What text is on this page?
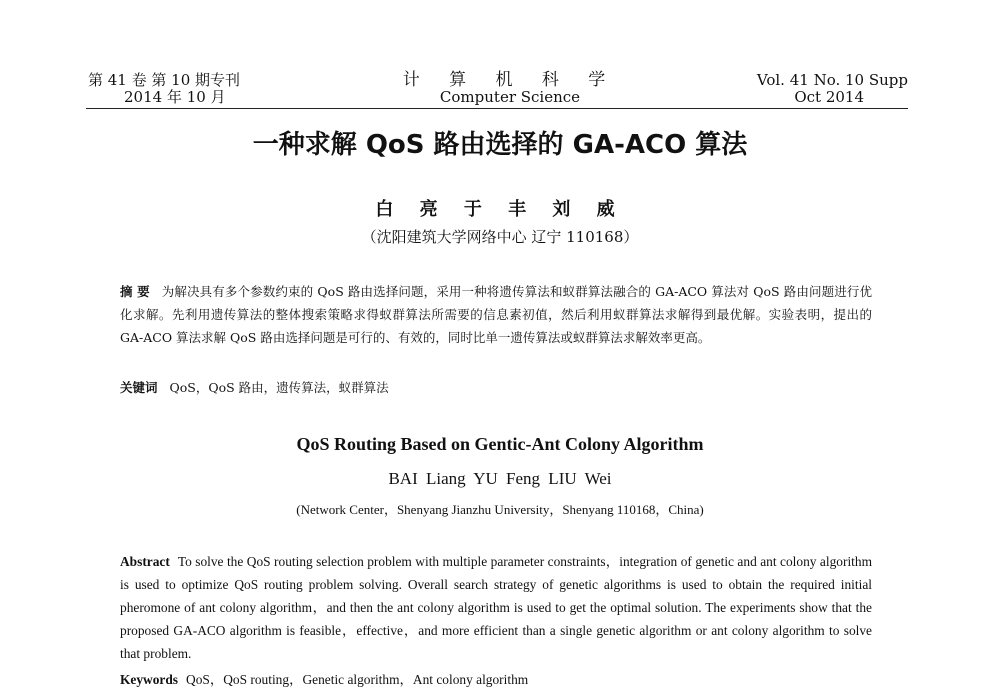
第 41 卷 第 10 期专刊
2014 年 10 月
计 算 机 科 学
Computer Science
Vol. 41 No. 10 Supp
Oct 2014
一种求解 QoS 路由选择的 GA-ACO 算法
白 亮 于 丰 刘 威
（沈阳建筑大学网络中心 辽宁 110168）
摘 要 为解决具有多个参数约束的 QoS 路由选择问题，采用一种将遗传算法和蚁群算法融合的 GA-ACO 算法对 QoS 路由问题进行优化求解。先利用遗传算法的整体搜索策略求得蚁群算法所需要的信息素初值，然后利用蚁群算法求解得到最优解。实验表明，提出的 GA-ACO 算法求解 QoS 路由选择问题是可行的、有效的，同时比单一遗传算法或蚁群算法求解效率更高。
关键词 QoS，QoS 路由，遗传算法，蚁群算法
QoS Routing Based on Gentic-Ant Colony Algorithm
BAI Liang YU Feng LIU Wei
(Network Center，Shenyang Jianzhu University，Shenyang 110168，China)
Abstract To solve the QoS routing selection problem with multiple parameter constraints，integration of genetic and ant colony algorithm is used to optimize QoS routing problem solving. Overall search strategy of genetic algorithms is used to obtain the required initial pheromone of ant colony algorithm，and then the ant colony algorithm is used to get the optimal solution. The experiments show that the proposed GA-ACO algorithm is feasible，effective，and more efficient than a single genetic algorithm or ant colony algorithm to solve that problem.
Keywords QoS，QoS routing，Genetic algorithm，Ant colony algorithm
